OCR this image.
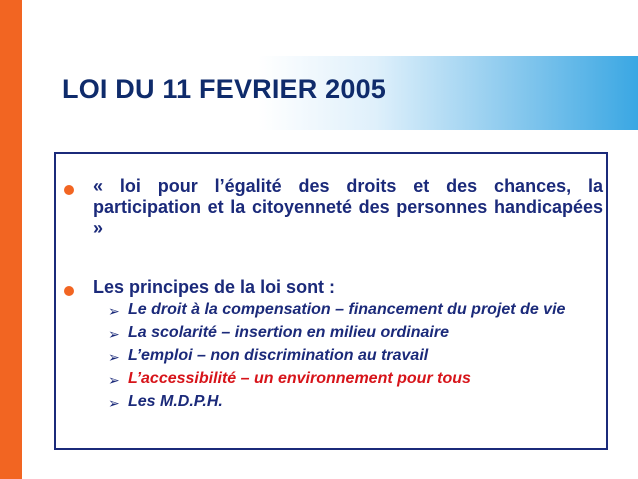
LOI DU 11 FEVRIER 2005

« loi pour l’égalité des droits et des chances, la participation et la citoyenneté des personnes handicapées »

Les principes de la loi sont :

➢ Le droit à la compensation – financement du projet de vie
➢ La scolarité – insertion en milieu ordinaire
➢ L’emploi – non discrimination au travail
➢ L’accessibilité – un environnement pour tous
➢ Les M.D.P.H.
